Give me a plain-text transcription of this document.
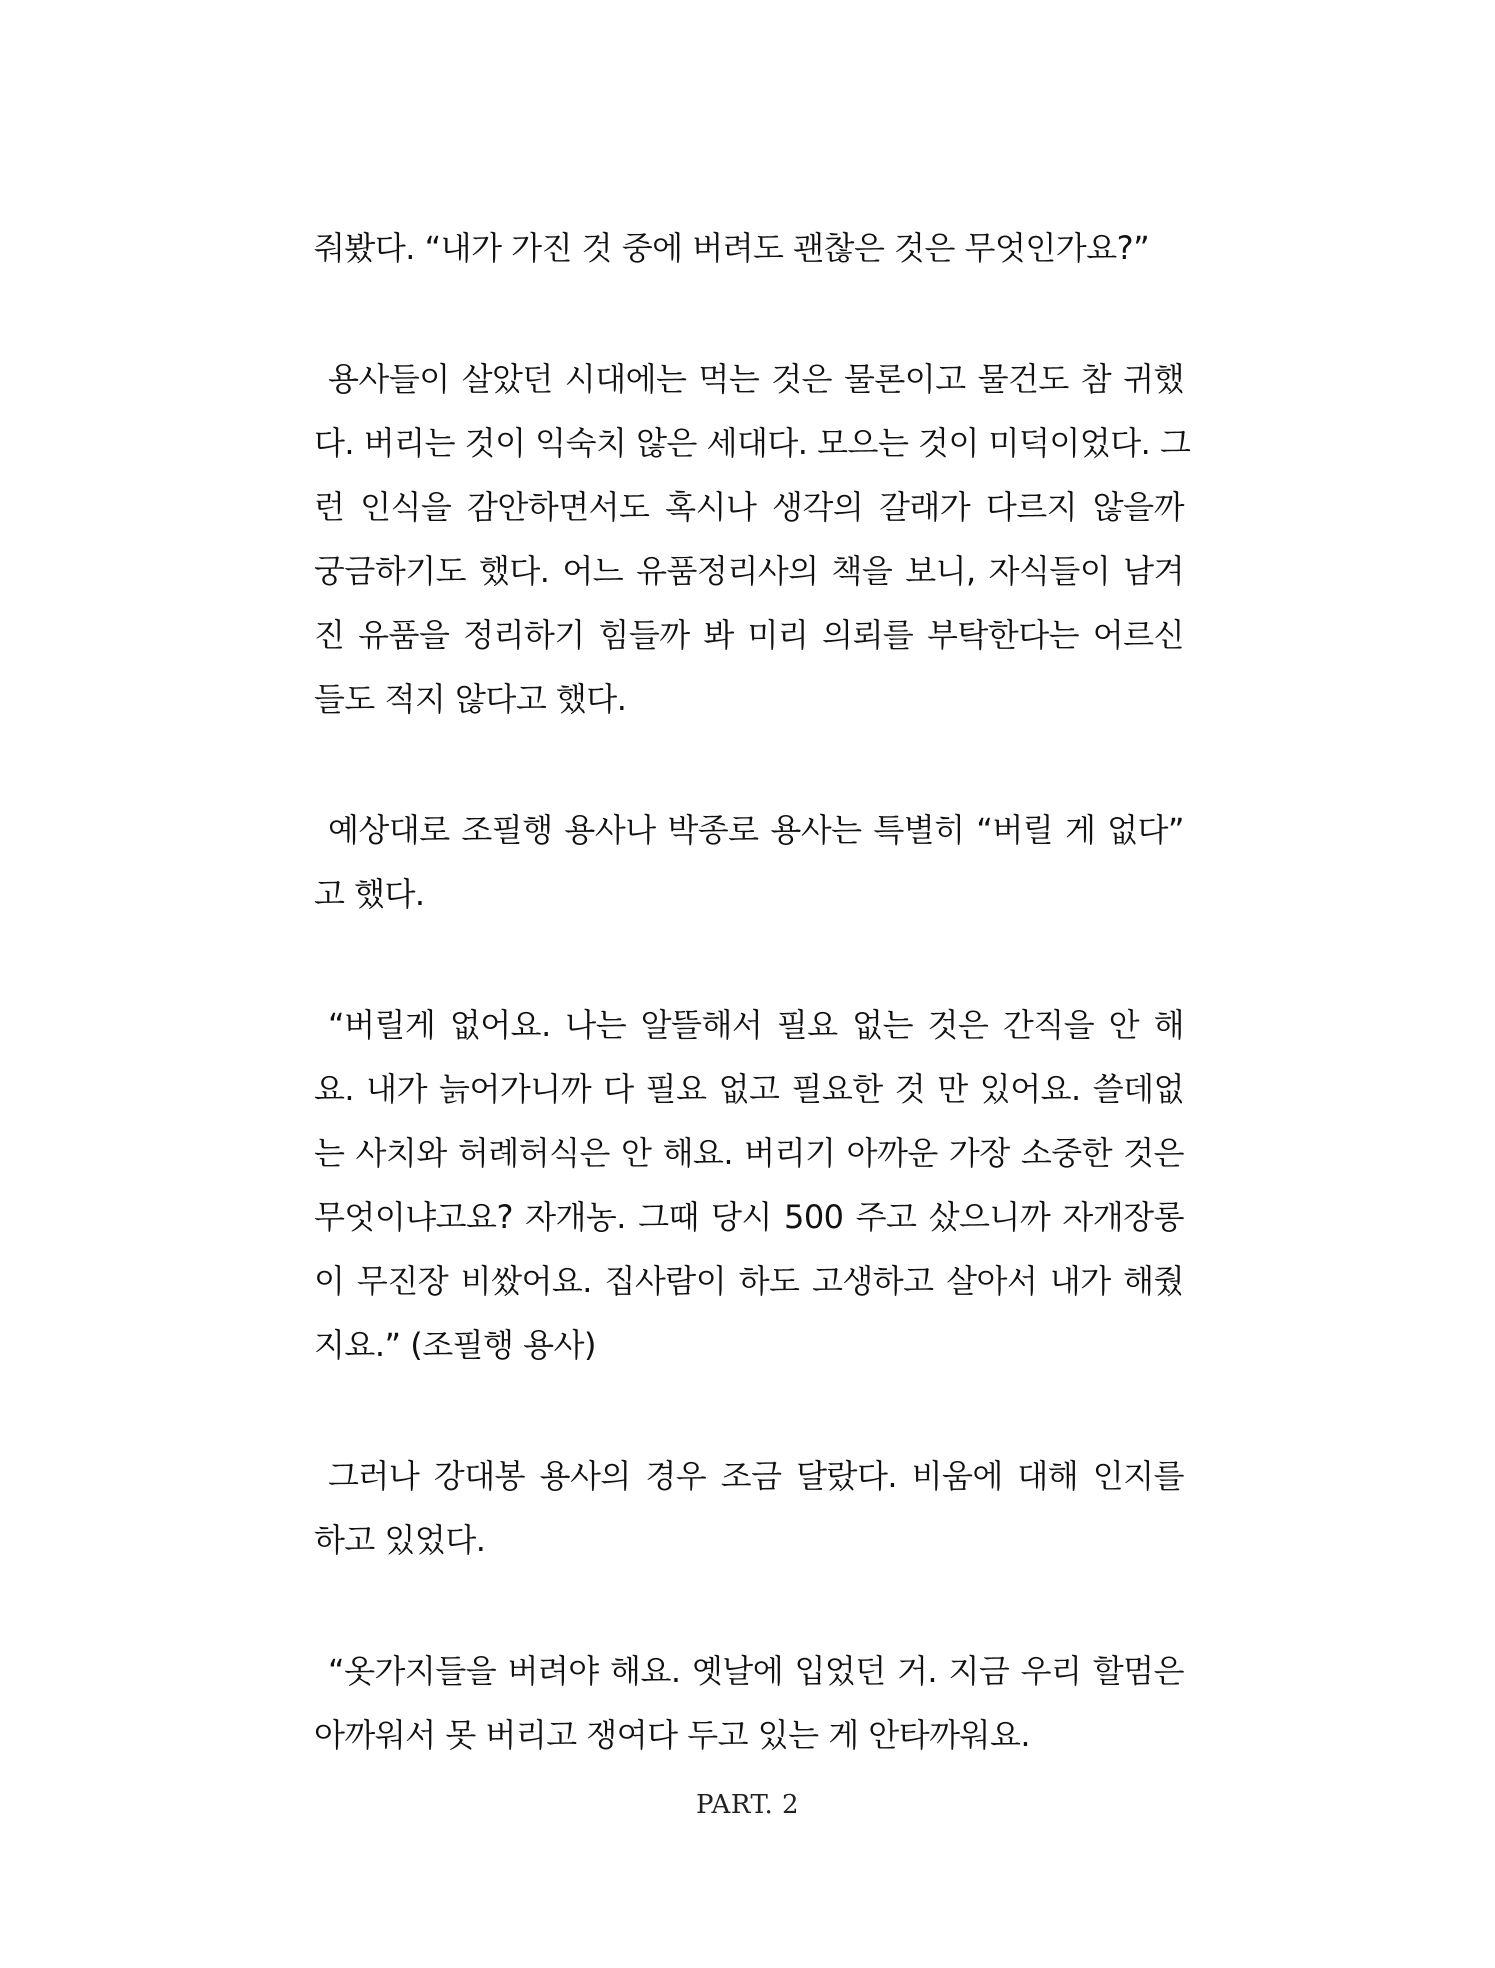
줘봤다. “내가 가진 것 중에 버려도 괜찮은 것은 무엇인가요?”
용사들이 살았던 시대에는 먹는 것은 물론이고 물건도 참 귀했
다. 버리는 것이 익숙치 않은 세대다. 모으는 것이 미덕이었다. 그
런 인식을 감안하면서도 혹시나 생각의 갈래가 다르지 않을까
궁금하기도 했다. 어느 유품정리사의 책을 보니, 자식들이 남겨
진 유품을 정리하기 힘들까 봐 미리 의뢰를 부탁한다는 어르신
들도 적지 않다고 했다.
예상대로 조필행 용사나 박종로 용사는 특별히 “버릴 게 없다”
고 했다.
“버릴게 없어요. 나는 알뜰해서 필요 없는 것은 간직을 안 해
요. 내가 늙어가니까 다 필요 없고 필요한 것 만 있어요. 쓸데없
는 사치와 허례허식은 안 해요. 버리기 아까운 가장 소중한 것은
무엇이냐고요? 자개농. 그때 당시 500 주고 샀으니까 자개장롱
이 무진장 비쌌어요. 집사람이 하도 고생하고 살아서 내가 해줬
지요.” (조필행 용사)
그러나 강대봉 용사의 경우 조금 달랐다. 비움에 대해 인지를
하고 있었다.
“옷가지들을 버려야 해요. 옛날에 입었던 거. 지금 우리 할멈은
아까워서 못 버리고 쟁여다 두고 있는 게 안타까워요.
PART. 2
